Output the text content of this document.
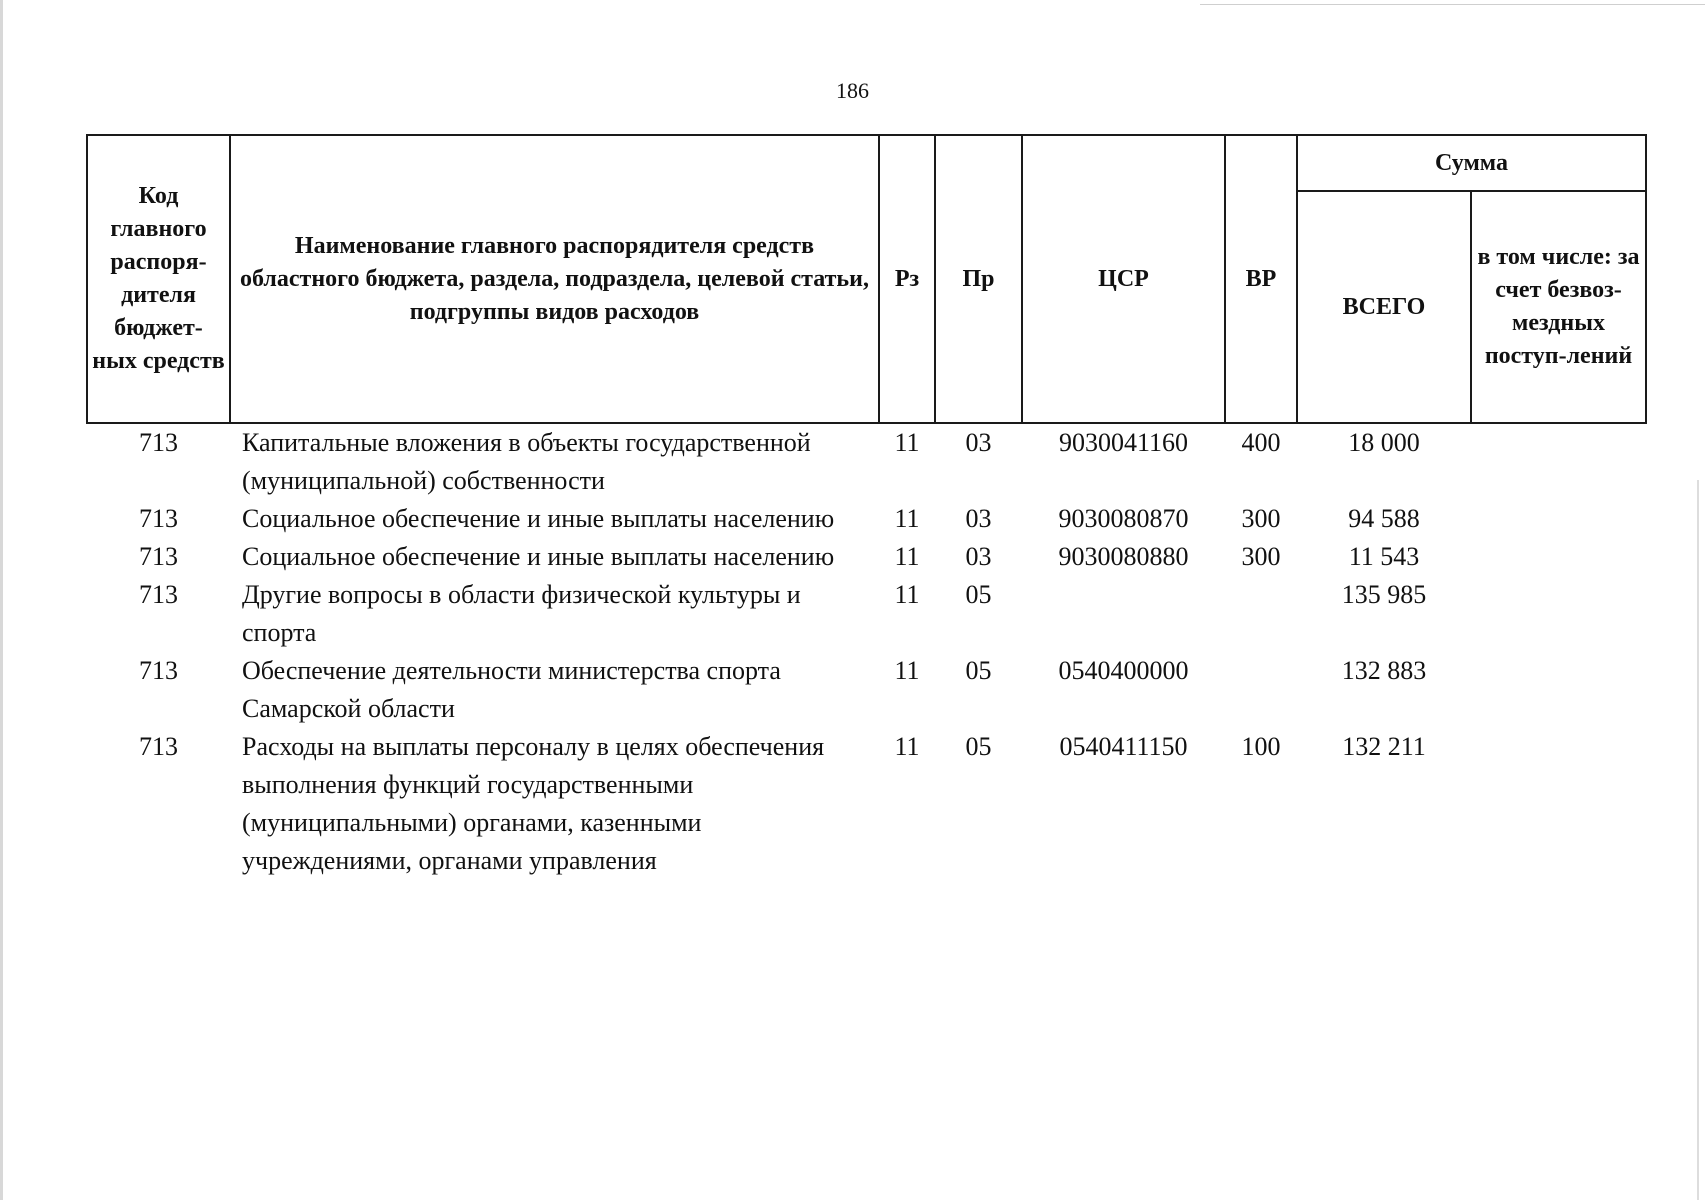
186
Код главного распоря-дителя бюджет-ных средств	Наименование главного распорядителя средств областного бюджета, раздела, подраздела, целевой статьи, подгруппы видов расходов	Рз	Пр	ЦСР	ВР	Сумма	
						ВСЕГО	в том числе: за счет безвоз-мездных поступ-лений
713	Капитальные вложения в объекты государственной (муниципальной) собственности	11	03	9030041160	400	18 000	
713	Социальное обеспечение и иные выплаты населению	11	03	9030080870	300	94 588	
713	Социальное обеспечение и иные выплаты населению	11	03	9030080880	300	11 543	
713	Другие вопросы в области физической культуры и спорта	11	05			135 985	
713	Обеспечение деятельности министерства спорта Самарской области	11	05	0540400000		132 883	
713	Расходы на выплаты персоналу в целях обеспечения выполнения функций государственными (муниципальными) органами, казенными учреждениями, органами управления	11	05	0540411150	100	132 211	
